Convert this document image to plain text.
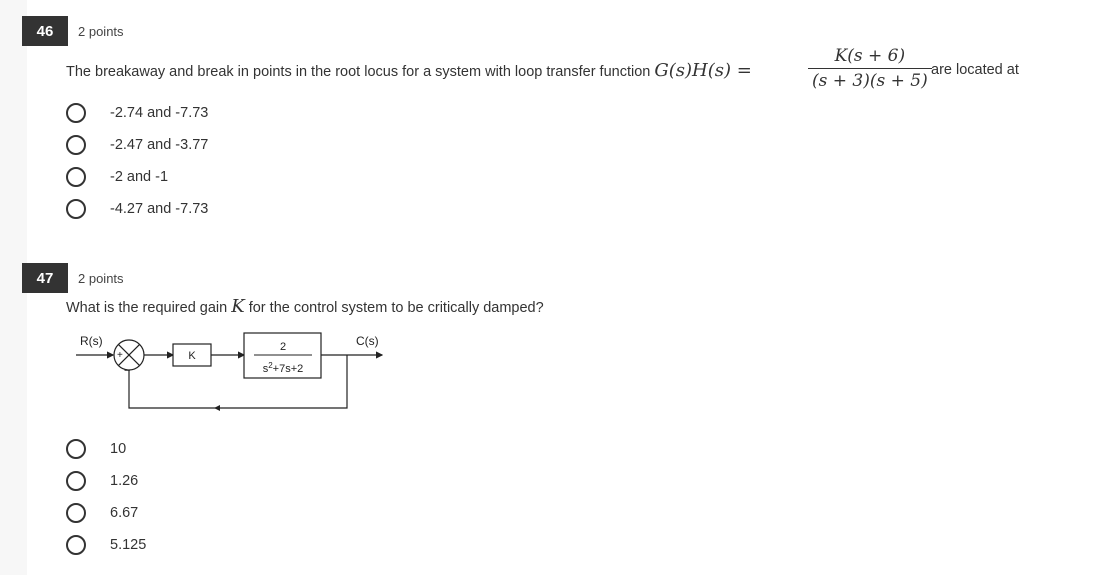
46	2 points
The breakaway and break in points in the root locus for a system with loop transfer function G(s)H(s) =	$\frac{K(s + 6)}{(s + 3)(s + 5)}$ are located at
-2.74 and -7.73
-2.47 and -3.77
-2 and -1
-4.27 and -7.73
47	2 points
What is the required gain K for the control system to be critically damped?
R(s)
+
−
K
2
$s^2+7s+2$
C(s)
10
1.26
6.67
5.125
